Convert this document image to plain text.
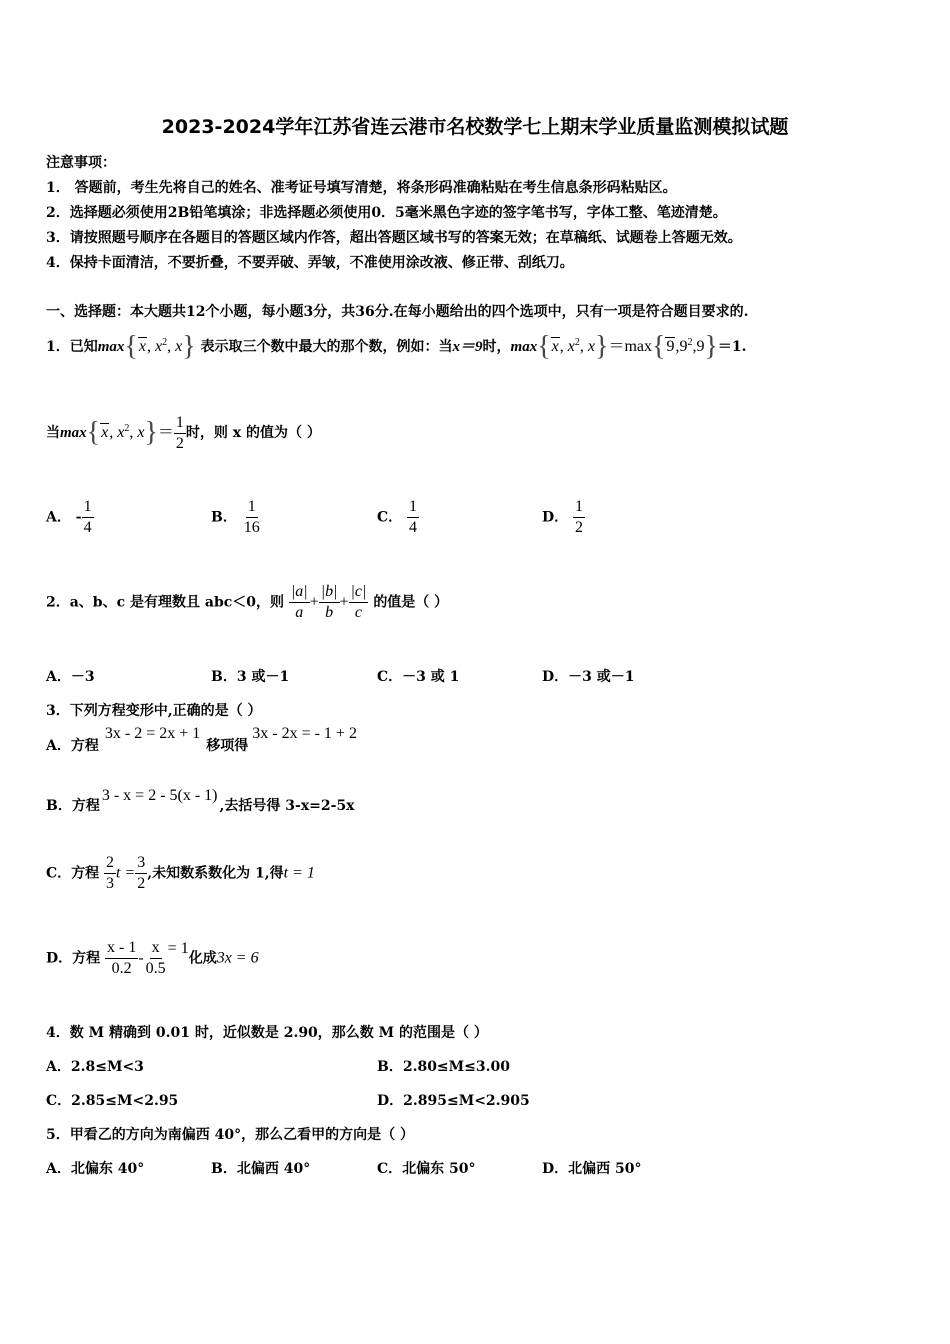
2023-2024学年江苏省连云港市名校数学七上期末学业质量监测模拟试题
注意事项：
1． 答题前，考生先将自己的姓名、准考证号填写清楚，将条形码准确粘贴在考生信息条形码粘贴区。
2．选择题必须使用2B铅笔填涂；非选择题必须使用0．5毫米黑色字迹的签字笔书写，字体工整、笔迹清楚。
3．请按照题号顺序在各题目的答题区域内作答，超出答题区域书写的答案无效；在草稿纸、试题卷上答题无效。
4．保持卡面清洁，不要折叠，不要弄破、弄皱，不准使用涂改液、修正带、刮纸刀。
一、选择题：本大题共12个小题，每小题3分，共36分.在每小题给出的四个选项中，只有一项是符合题目要求的.
1．已知max{x, $x^2$, x} 表示取三个数中最大的那个数，例如：当x＝9时，max{x, $x^2$, $x\}=\max\{9,9^2,9\}=1$.
当max{x, $x^2$, $x\}= \frac{1}{2}$ 时，则 x 的值为（ ）
A． - $\frac{1}{4}$	B． $\frac{1}{16}$	C． $\frac{1}{4}$	D． $\frac{1}{2}$
2．a、b、c 是有理数且 abc＜0，则 $\frac{|a|}{a} + \frac{|b|}{b} + \frac{|c|}{c}$ 的值是（ ）
A．－3	B．3 或－1	C．－3 或 1	D．－3 或－1
3．下列方程变形中,正确的是（ ）
A．方程3x - 2 = 2x + 1移项得3x - 2x = - 1 + 2
B．方程3 - x = 2 - 5(x - 1),去括号得 3-x=2-5x
C．方程 $\frac{2}{3}$ $t = \frac{3}{2}$ ,未知数系数化为 1,得t = 1
D．方程 $\frac{x - 1}{0.2} - \frac{x}{0.5} = 1$化成3x = 6
4．数 M 精确到 0.01 时，近似数是 2.90，那么数 M 的范围是（ ）
A．2.8≤M<3	B．2.80≤M≤3.00
C．2.85≤M<2.95	D．2.895≤M<2.905
5．甲看乙的方向为南偏西 40°，那么乙看甲的方向是（ ）
A．北偏东 40°	B．北偏西 40°	C．北偏东 50°	D．北偏西 50°
